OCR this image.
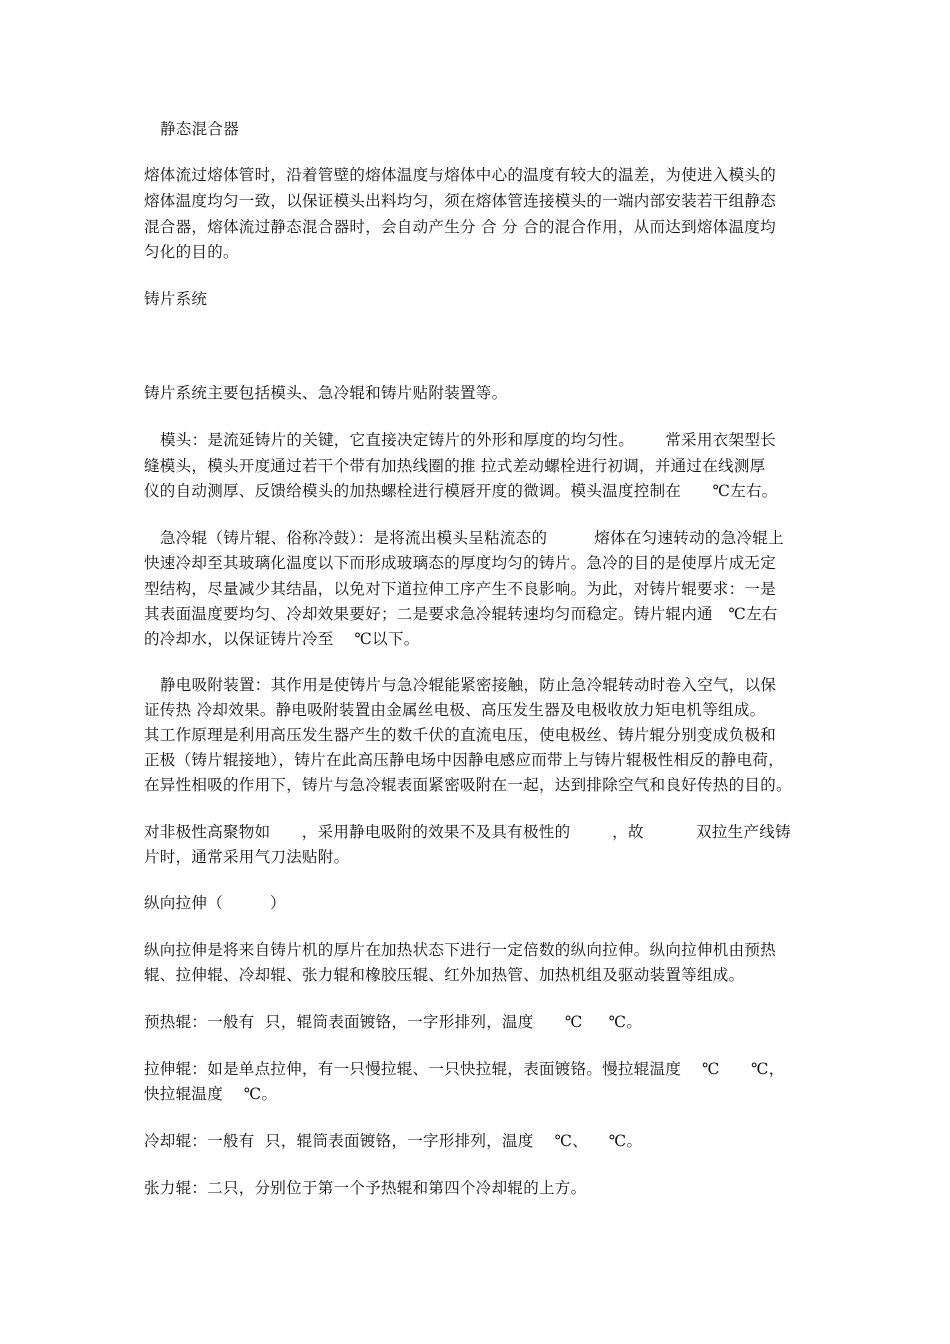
静态混合器
熔体流过熔体管时，沿着管壁的熔体温度与熔体中心的温度有较大的温差，为使进入模头的
熔体温度均匀一致，以保证模头出料均匀，须在熔体管连接模头的一端内部安装若干组静态
混合器，熔体流过静态混合器时，会自动产生分 合 分 合的混合作用，从而达到熔体温度均
匀化的目的。
铸片系统
铸片系统主要包括模头、急冷辊和铸片贴附装置等。
模头：是流延铸片的关键，它直接决定铸片的外形和厚度的均匀性。      常采用衣架型长
缝模头，模头开度通过若干个带有加热线圈的推 拉式差动螺栓进行初调，并通过在线测厚
仪的自动测厚、反馈给模头的加热螺栓进行模唇开度的微调。模头温度控制在      ℃左右。
急冷辊（铸片辊、俗称冷鼓）：是将流出模头呈粘流态的         熔体在匀速转动的急冷辊上
快速冷却至其玻璃化温度以下而形成玻璃态的厚度均匀的铸片。急冷的目的是使厚片成无定
型结构，尽量减少其结晶，以免对下道拉伸工序产生不良影响。为此，对铸片辊要求：一是
其表面温度要均匀、冷却效果要好；二是要求急冷辊转速均匀而稳定。铸片辊内通   ℃左右
的冷却水，以保证铸片冷至    ℃以下。
静电吸附装置：其作用是使铸片与急冷辊能紧密接触，防止急冷辊转动时卷入空气，以保
证传热 冷却效果。静电吸附装置由金属丝电极、高压发生器及电极收放力矩电机等组成。
其工作原理是利用高压发生器产生的数千伏的直流电压，使电极丝、铸片辊分别变成负极和
正极（铸片辊接地），铸片在此高压静电场中因静电感应而带上与铸片辊极性相反的静电荷，
在异性相吸的作用下，铸片与急冷辊表面紧密吸附在一起，达到排除空气和良好传热的目的。
对非极性高聚物如      ，采用静电吸附的效果不及具有极性的        ，故          双拉生产线铸
片时，通常采用气刀法贴附。
纵向拉伸（         ）
纵向拉伸是将来自铸片机的厚片在加热状态下进行一定倍数的纵向拉伸。纵向拉伸机由预热
辊、拉伸辊、冷却辊、张力辊和橡胶压辊、红外加热管、加热机组及驱动装置等组成。
预热辊：一般有  只，辊筒表面镀铬，一字形排列，温度      ℃     ℃。
拉伸辊：如是单点拉伸，有一只慢拉辊、一只快拉辊，表面镀铬。慢拉辊温度    ℃      ℃，
快拉辊温度    ℃。
冷却辊：一般有  只，辊筒表面镀铬，一字形排列，温度    ℃、    ℃。
张力辊：二只，分别位于第一个予热辊和第四个冷却辊的上方。
